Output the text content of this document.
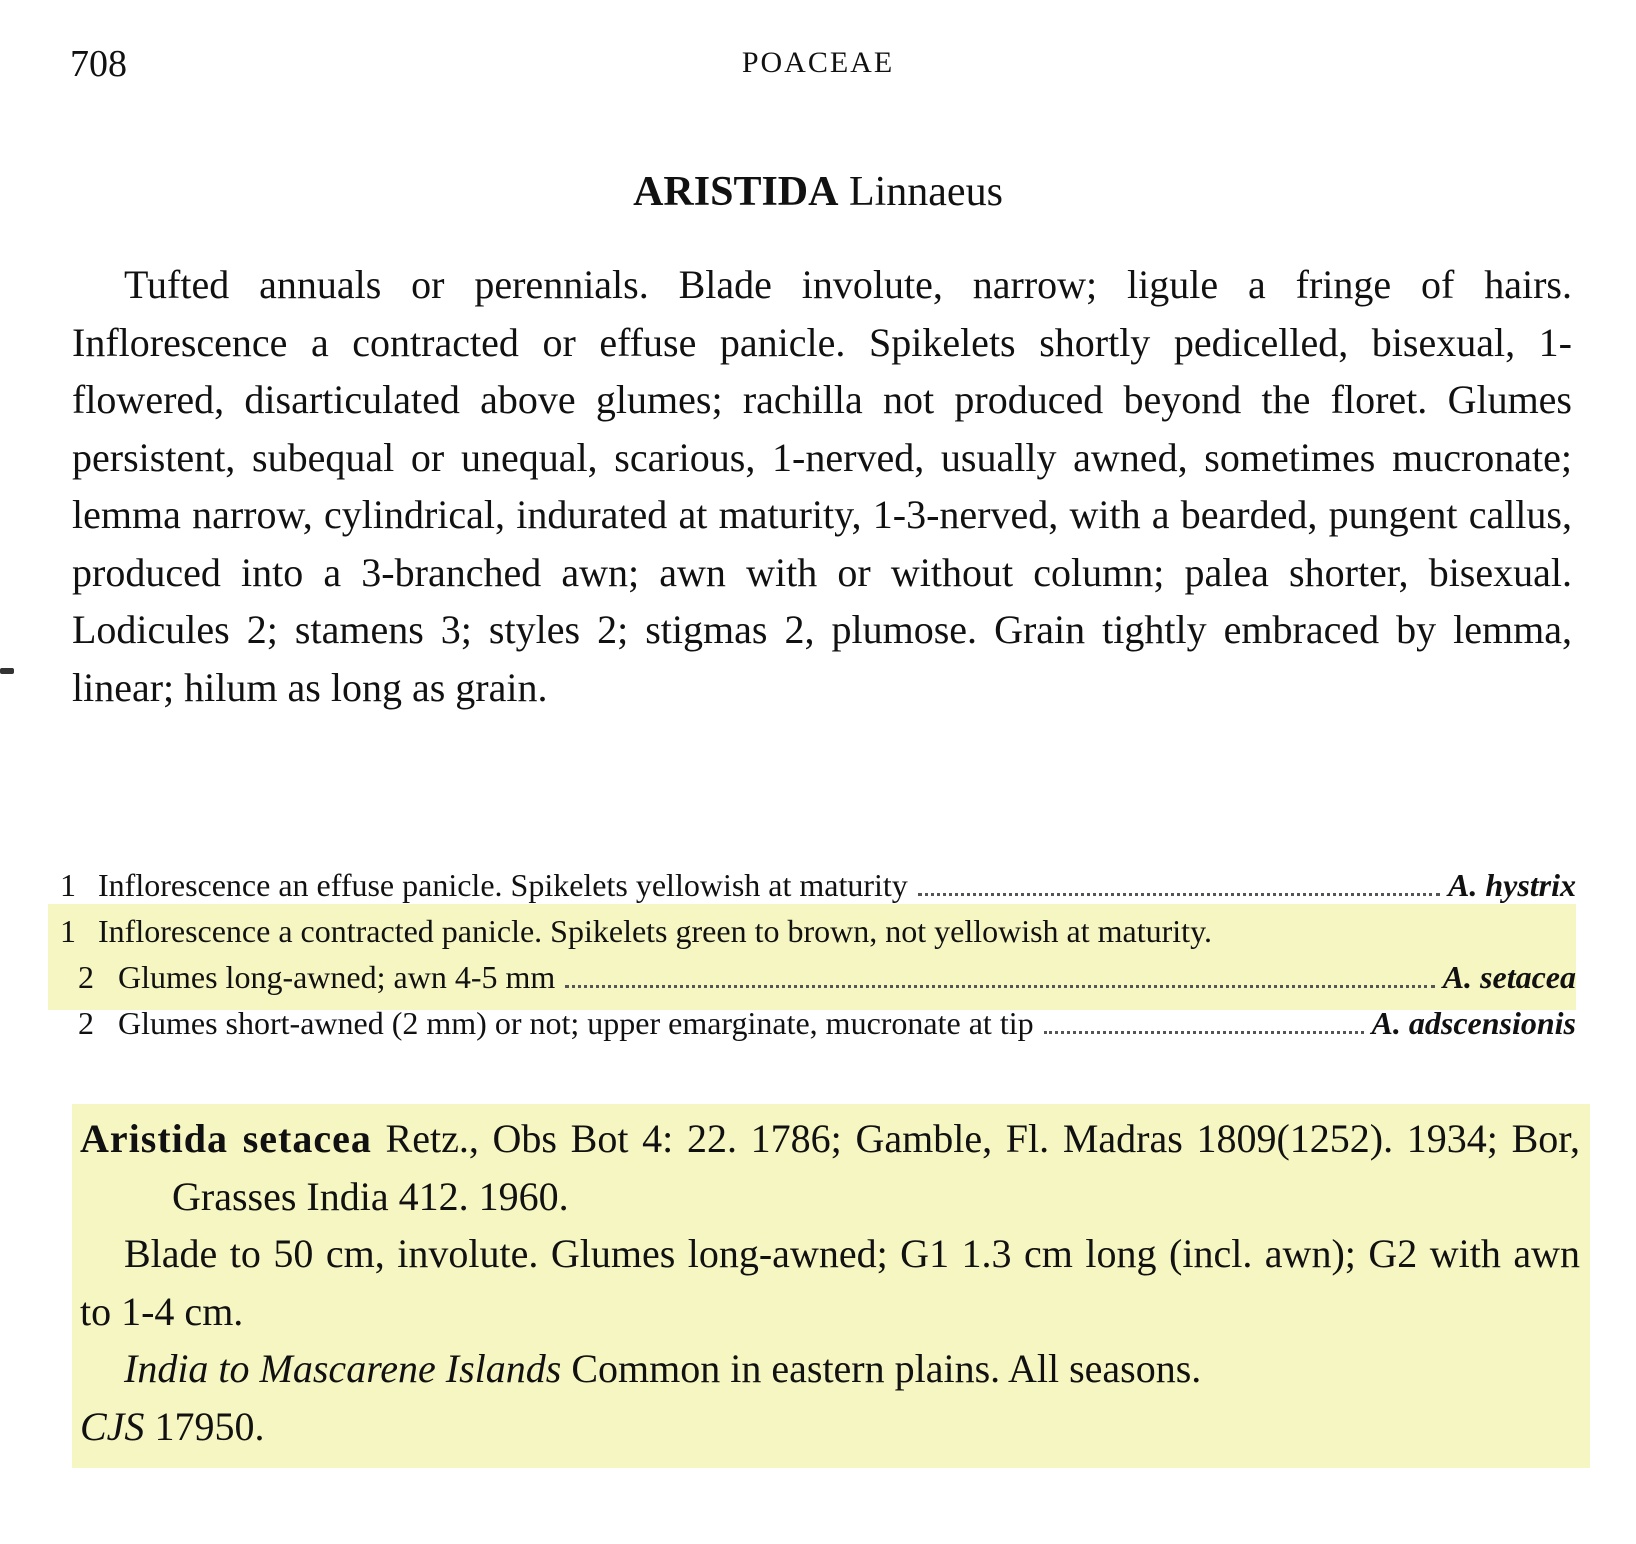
708	POACEAE
ARISTIDA Linnaeus

Tufted annuals or perennials. Blade involute, narrow; ligule a fringe of hairs. Inflorescence a contracted or effuse panicle. Spikelets shortly pedicelled, bisexual, 1-flowered, disarticulated above glumes; rachilla not produced beyond the floret. Glumes persistent, subequal or unequal, scarious, 1-nerved, usually awned, sometimes mucronate; lemma narrow, cylindrical, indurated at maturity, 1-3-nerved, with a bearded, pungent callus, produced into a 3-branched awn; awn with or without column; palea shorter, bisexual. Lodicules 2; stamens 3; styles 2; stigmas 2, plumose. Grain tightly embraced by lemma, linear; hilum as long as grain.

1 Inflorescence an effuse panicle. Spikelets yellowish at maturity	A. hystrix
1 Inflorescence a contracted panicle. Spikelets green to brown, not yellowish at maturity.
2 Glumes long-awned; awn 4-5 mm	A. setacea
2 Glumes short-awned (2 mm) or not; upper emarginate, mucronate at tip	A. adscensionis

Aristida setacea Retz., Obs Bot 4: 22. 1786; Gamble, Fl. Madras 1809(1252). 1934; Bor, Grasses India 412. 1960.

Blade to 50 cm, involute. Glumes long-awned; G1 1.3 cm long (incl. awn); G2 with awn to 1-4 cm.

India to Mascarene Islands Common in eastern plains. All seasons.

CJS 17950.
